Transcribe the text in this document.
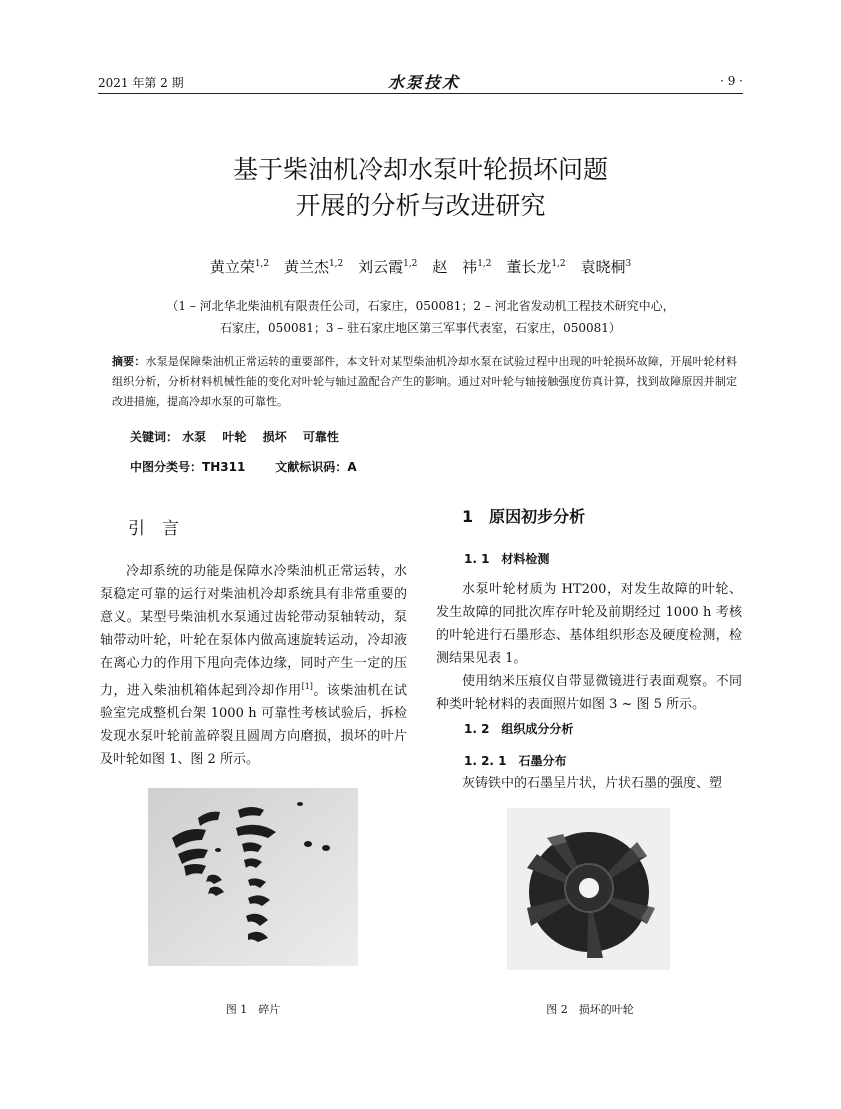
2021 年第 2 期	水泵技术	· 9 ·
基于柴油机冷却水泵叶轮损坏问题
开展的分析与改进研究
黄立荣$^{1,2}$ 黄兰杰$^{1,2}$ 刘云霞$^{1,2}$ 赵　祎$^{1,2}$ 董长龙$^{1,2}$ 袁晓桐$^3$
（1 – 河北华北柴油机有限责任公司，石家庄，050081；2 – 河北省发动机工程技术研究中心，
石家庄，050081；3 – 驻石家庄地区第三军事代表室，石家庄，050081）
摘要：水泵是保障柴油机正常运转的重要部件，本文针对某型柴油机冷却水泵在试验过程中出现的叶轮损坏故障，开展叶轮材料组织分析，分析材料机械性能的变化对叶轮与轴过盈配合产生的影响。通过对叶轮与轴接触强度仿真计算，找到故障原因并制定改进措施，提高冷却水泵的可靠性。
关键词： 水泵 叶轮 损坏 可靠性
中图分类号：TH311	文献标识码：A
引　言

冷却系统的功能是保障水冷柴油机正常运转，水泵稳定可靠的运行对柴油机冷却系统具有非常重要的意义。某型号柴油机水泵通过齿轮带动泵轴转动，泵轴带动叶轮，叶轮在泵体内做高速旋转运动，冷却液在离心力的作用下甩向壳体边缘，同时产生一定的压力，进入柴油机箱体起到冷却作用[1]。该柴油机在试验室完成整机台架 1000 h 可靠性考核试验后，拆检发现水泵叶轮前盖碎裂且圆周方向磨损，损坏的叶片及叶轮如图 1、图 2 所示。

1　原因初步分析
1. 1　材料检测

水泵叶轮材质为 HT200，对发生故障的叶轮、发生故障的同批次库存叶轮及前期经过 1000 h 考核的叶轮进行石墨形态、基体组织形态及硬度检测，检测结果见表 1。

使用纳米压痕仪自带显微镜进行表面观察。不同种类叶轮材料的表面照片如图 3 ~ 图 5 所示。

1. 2　组织成分分析
1. 2. 1　石墨分布

灰铸铁中的石墨呈片状，片状石墨的强度、塑

图 1　碎片	图 2　损坏的叶轮
